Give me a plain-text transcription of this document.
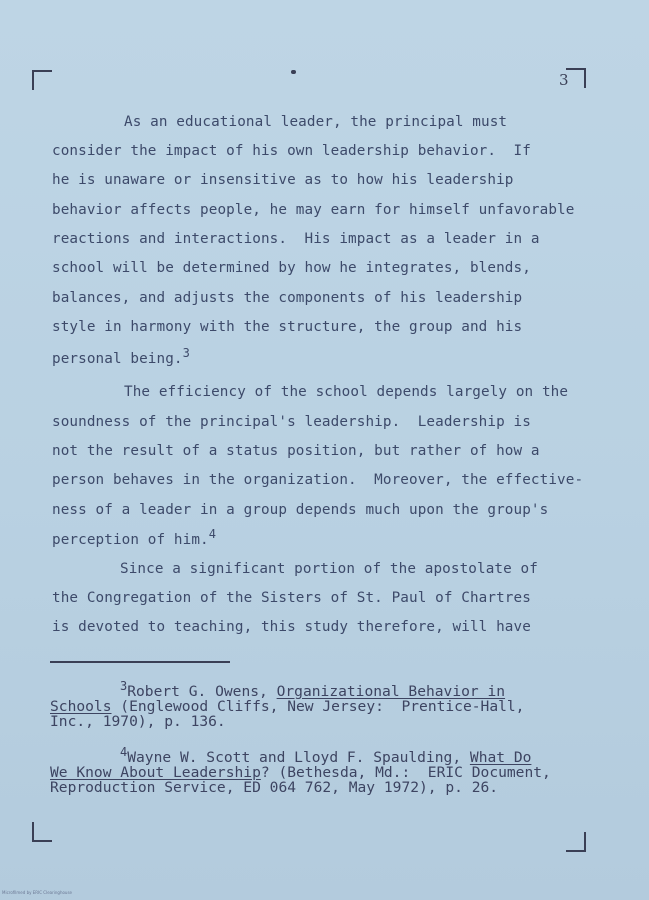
3
As an educational leader, the principal must
consider the impact of his own leadership behavior.  If
he is unaware or insensitive as to how his leadership
behavior affects people, he may earn for himself unfavorable
reactions and interactions.  His impact as a leader in a
school will be determined by how he integrates, blends,
balances, and adjusts the components of his leadership
style in harmony with the structure, the group and his
personal being.$^3$
The efficiency of the school depends largely on the
soundness of the principal's leadership.  Leadership is
not the result of a status position, but rather of how a
person behaves in the organization.  Moreover, the effective-
ness of a leader in a group depends much upon the group's
perception of him.$^4$
Since a significant portion of the apostolate of
the Congregation of the Sisters of St. Paul of Chartres
is devoted to teaching, this study therefore, will have
$^3$Robert G. Owens, Organizational Behavior in
Schools (Englewood Cliffs, New Jersey:  Prentice-Hall,
Inc., 1970), p. 136.
$^4$Wayne W. Scott and Lloyd F. Spaulding, What Do
We Know About Leadership? (Bethesda, Md.:  ERIC Document,
Reproduction Service, ED 064 762, May 1972), p. 26.
Microfilmed by ERIC Clearinghouse
